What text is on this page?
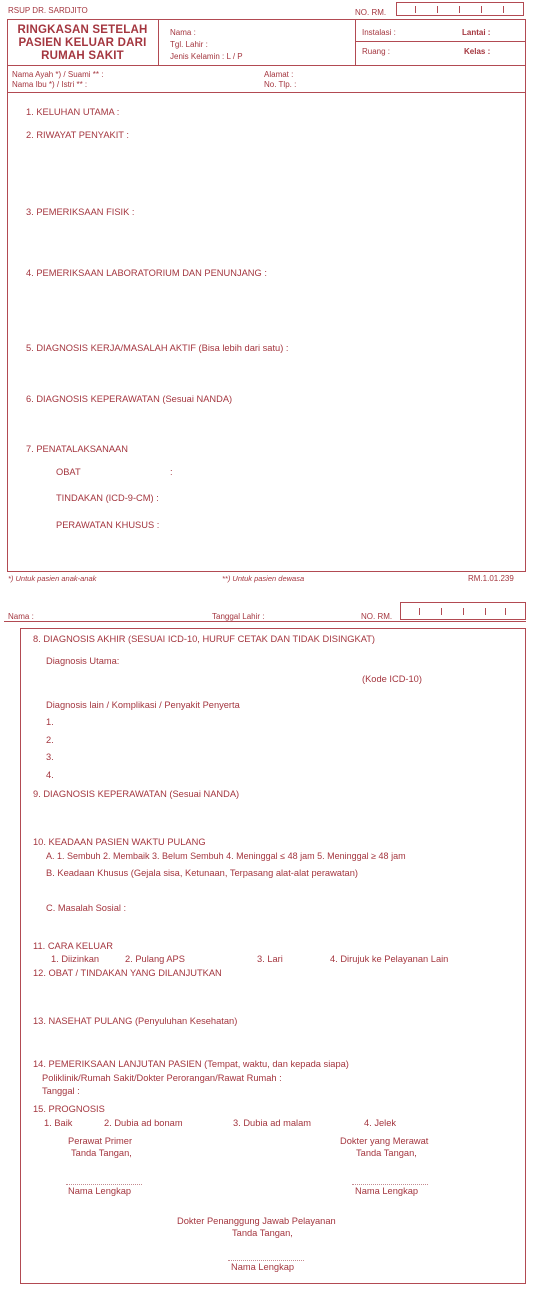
RSUP DR. SARDJITO	NO. RM.
RINGKASAN SETELAH
PASIEN KELUAR DARI
RUMAH SAKIT
Nama :
Tgl. Lahir :
Jenis Kelamin : L / P
Instalasi :	Lantai :
Ruang :	Kelas :
Nama Ayah *) / Suami ** :
Nama Ibu *) / Istri ** :
Alamat :
No. Tlp. :
1. KELUHAN UTAMA :
2. RIWAYAT PENYAKIT :
3. PEMERIKSAAN FISIK :
4. PEMERIKSAAN LABORATORIUM DAN PENUNJANG :
5. DIAGNOSIS KERJA/MASALAH AKTIF (Bisa lebih dari satu) :
6. DIAGNOSIS KEPERAWATAN (Sesuai NANDA)
7. PENATALAKSANAAN
OBAT	:
TINDAKAN (ICD-9-CM) :
PERAWATAN KHUSUS :
*) Untuk pasien anak-anak	**) Untuk pasien dewasa	RM.1.01.239
Nama :	Tanggal Lahir :	NO. RM.
8. DIAGNOSIS AKHIR (SESUAI ICD-10, HURUF CETAK DAN TIDAK DISINGKAT)
Diagnosis Utama:
(Kode ICD-10)
Diagnosis lain / Komplikasi / Penyakit Penyerta
1.
2.
3.
4.
9. DIAGNOSIS KEPERAWATAN (Sesuai NANDA)
10. KEADAAN PASIEN WAKTU PULANG
A. 1. Sembuh 2. Membaik 3. Belum Sembuh 4. Meninggal ≤ 48 jam 5. Meninggal ≥ 48 jam
B. Keadaan Khusus (Gejala sisa, Ketunaan, Terpasang alat-alat perawatan)
C. Masalah Sosial :
11. CARA KELUAR
1. Diizinkan	2. Pulang APS	3. Lari	4. Dirujuk ke Pelayanan Lain
12. OBAT / TINDAKAN YANG DILANJUTKAN
13. NASEHAT PULANG (Penyuluhan Kesehatan)
14. PEMERIKSAAN LANJUTAN PASIEN (Tempat, waktu, dan kepada siapa)
Poliklinik/Rumah Sakit/Dokter Perorangan/Rawat Rumah :
Tanggal :
15. PROGNOSIS
1. Baik	2. Dubia ad bonam	3. Dubia ad malam	4. Jelek
Perawat Primer
Tanda Tangan,
Nama Lengkap
Dokter yang Merawat
Tanda Tangan,
Nama Lengkap
Dokter Penanggung Jawab Pelayanan
Tanda Tangan,
Nama Lengkap
